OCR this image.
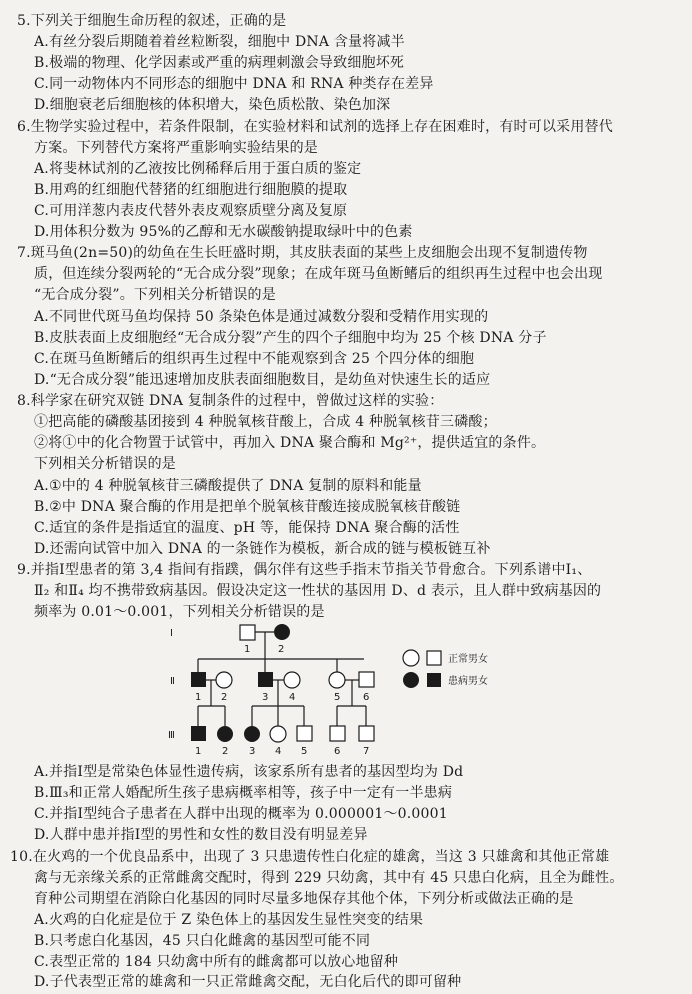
5.下列关于细胞生命历程的叙述，正确的是
A.有丝分裂后期随着着丝粒断裂，细胞中 DNA 含量将减半
B.极端的物理、化学因素或严重的病理刺激会导致细胞坏死
C.同一动物体内不同形态的细胞中 DNA 和 RNA 种类存在差异
D.细胞衰老后细胞核的体积增大，染色质松散、染色加深
6.生物学实验过程中，若条件限制，在实验材料和试剂的选择上存在困难时，有时可以采用替代
方案。下列替代方案将严重影响实验结果的是
A.将斐林试剂的乙液按比例稀释后用于蛋白质的鉴定
B.用鸡的红细胞代替猪的红细胞进行细胞膜的提取
C.可用洋葱内表皮代替外表皮观察质壁分离及复原
D.用体积分数为 95%的乙醇和无水碳酸钠提取绿叶中的色素
7.斑马鱼(2n=50)的幼鱼在生长旺盛时期，其皮肤表面的某些上皮细胞会出现不复制遗传物
质，但连续分裂两轮的“无合成分裂”现象；在成年斑马鱼断鳍后的组织再生过程中也会出现
“无合成分裂”。下列相关分析错误的是
A.不同世代斑马鱼均保持 50 条染色体是通过减数分裂和受精作用实现的
B.皮肤表面上皮细胞经“无合成分裂”产生的四个子细胞中均为 25 个核 DNA 分子
C.在斑马鱼断鳍后的组织再生过程中不能观察到含 25 个四分体的细胞
D.“无合成分裂”能迅速增加皮肤表面细胞数目，是幼鱼对快速生长的适应
8.科学家在研究双链 DNA 复制条件的过程中，曾做过这样的实验：
①把高能的磷酸基团接到 4 种脱氧核苷酸上，合成 4 种脱氧核苷三磷酸；
②将①中的化合物置于试管中，再加入 DNA 聚合酶和 Mg²⁺，提供适宜的条件。
下列相关分析错误的是
A.①中的 4 种脱氧核苷三磷酸提供了 DNA 复制的原料和能量
B.②中 DNA 聚合酶的作用是把单个脱氧核苷酸连接成脱氧核苷酸链
C.适宜的条件是指适宜的温度、pH 等，能保持 DNA 聚合酶的活性
D.还需向试管中加入 DNA 的一条链作为模板，新合成的链与模板链互补
9.并指Ⅰ型患者的第 3,4 指间有指蹼，偶尔伴有这些手指末节指关节骨愈合。下列系谱中Ⅰ₁、
Ⅱ₂ 和Ⅱ₄ 均不携带致病基因。假设决定这一性状的基因用 D、d 表示，且人群中致病基因的
频率为 0.01～0.001，下列相关分析错误的是
Ⅰ
Ⅱ
Ⅲ
1	2
1 2	3 4	5 6
1 2 3 4 5	6 7
正常男女
患病男女
A.并指Ⅰ型是常染色体显性遗传病，该家系所有患者的基因型均为 Dd
B.Ⅲ₃和正常人婚配所生孩子患病概率相等，孩子中一定有一半患病
C.并指Ⅰ型纯合子患者在人群中出现的概率为 0.000001～0.0001
D.人群中患并指Ⅰ型的男性和女性的数目没有明显差异
10.在火鸡的一个优良品系中，出现了 3 只患遗传性白化症的雄禽，当这 3 只雄禽和其他正常雄
禽与无亲缘关系的正常雌禽交配时，得到 229 只幼禽，其中有 45 只患白化病，且全为雌性。
育种公司期望在消除白化基因的同时尽量多地保存其他个体，下列分析或做法正确的是
A.火鸡的白化症是位于 Z 染色体上的基因发生显性突变的结果
B.只考虑白化基因，45 只白化雌禽的基因型可能不同
C.表型正常的 184 只幼禽中所有的雌禽都可以放心地留种
D.子代表型正常的雄禽和一只正常雌禽交配，无白化后代的即可留种
